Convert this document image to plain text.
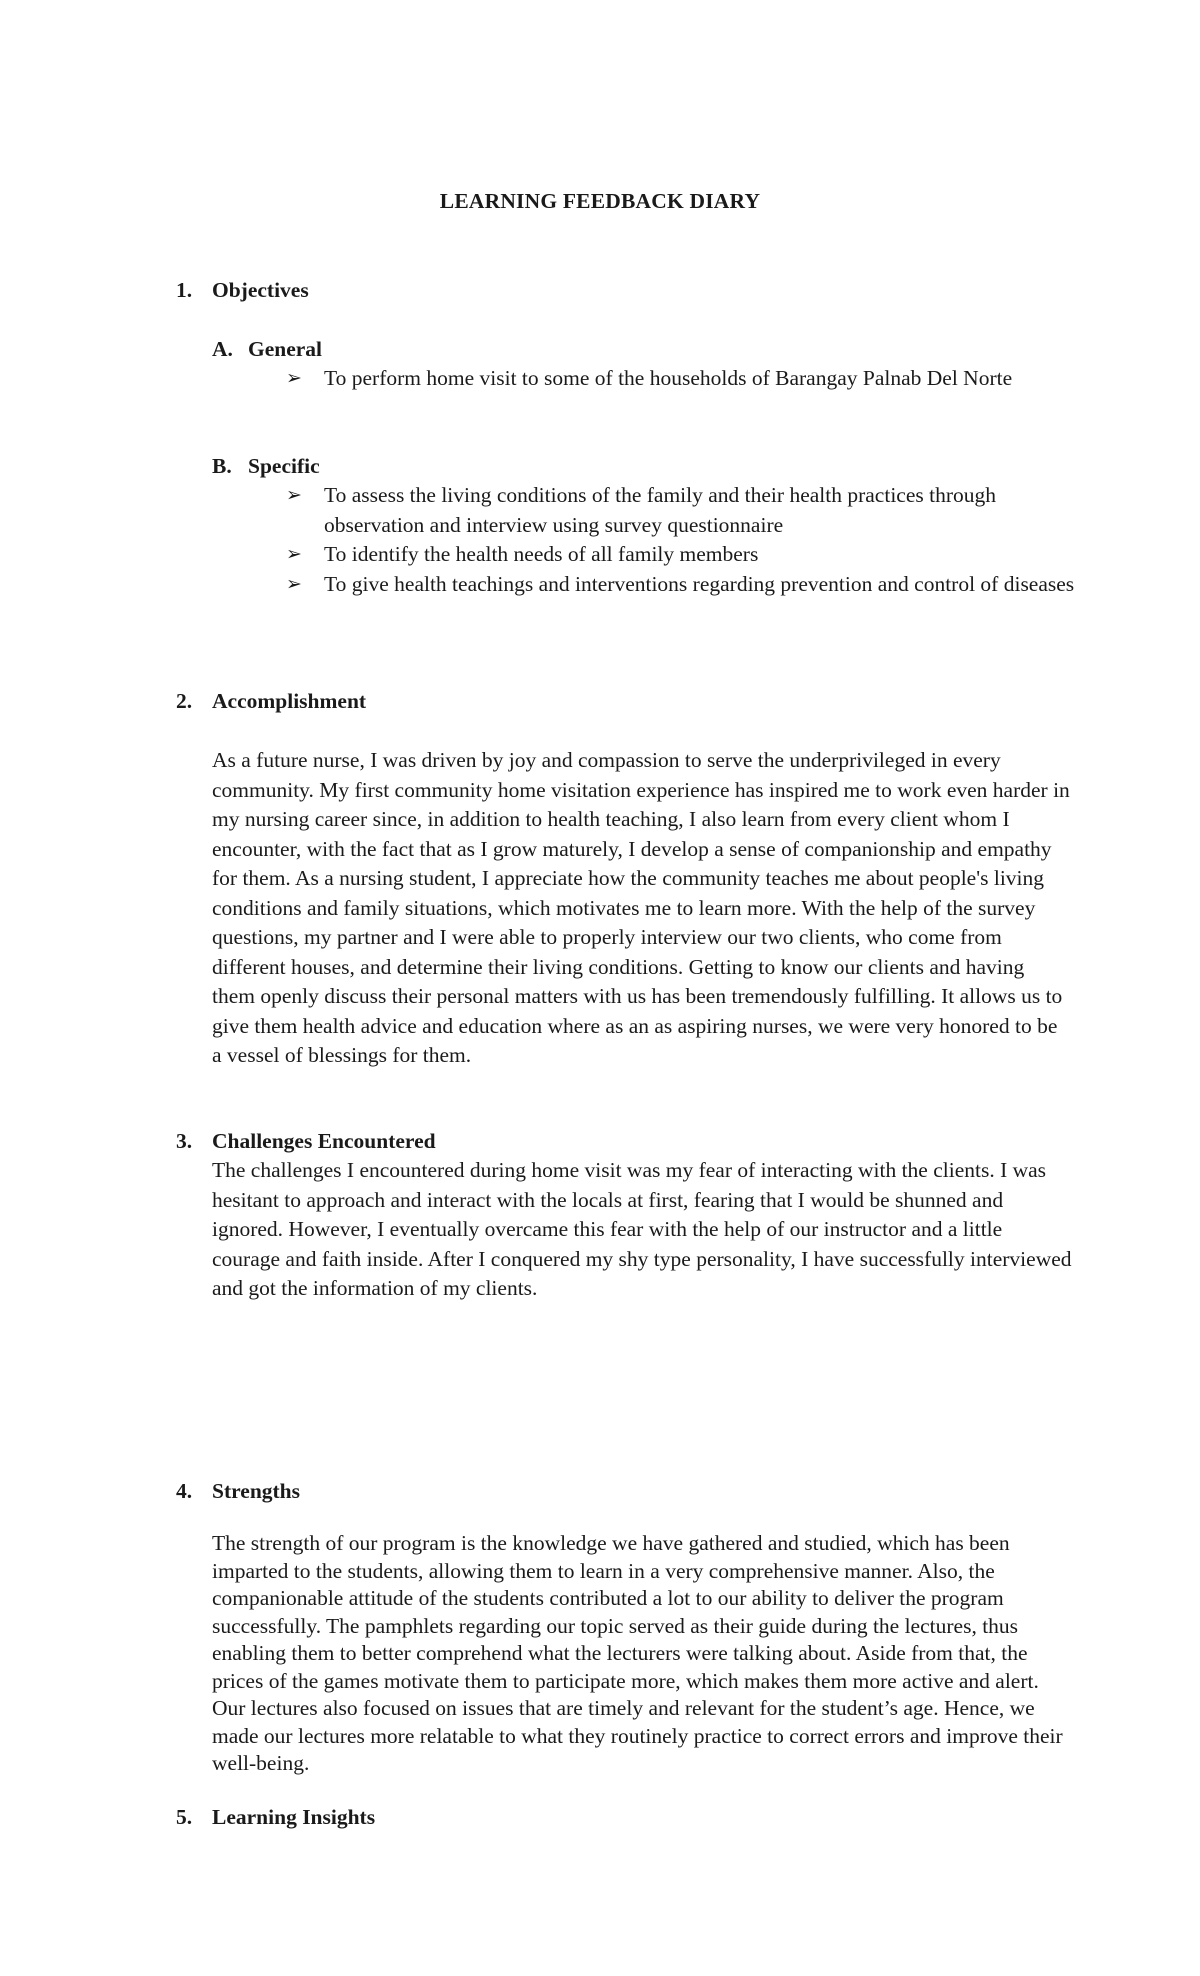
LEARNING FEEDBACK DIARY
1. Objectives
A. General
➢ To perform home visit to some of the households of Barangay Palnab Del Norte
B. Specific
➢ To assess the living conditions of the family and their health practices through observation and interview using survey questionnaire
➢ To identify the health needs of all family members
➢ To give health teachings and interventions regarding prevention and control of diseases
2. Accomplishment

As a future nurse, I was driven by joy and compassion to serve the underprivileged in every community. My first community home visitation experience has inspired me to work even harder in my nursing career since, in addition to health teaching, I also learn from every client whom I encounter, with the fact that as I grow maturely, I develop a sense of companionship and empathy for them. As a nursing student, I appreciate how the community teaches me about people's living conditions and family situations, which motivates me to learn more. With the help of the survey questions, my partner and I were able to properly interview our two clients, who come from different houses, and determine their living conditions. Getting to know our clients and having them openly discuss their personal matters with us has been tremendously fulfilling. It allows us to give them health advice and education where as an as aspiring nurses, we were very honored to be a vessel of blessings for them.

3. Challenges Encountered

The challenges I encountered during home visit was my fear of interacting with the clients. I was hesitant to approach and interact with the locals at first, fearing that I would be shunned and ignored. However, I eventually overcame this fear with the help of our instructor and a little courage and faith inside. After I conquered my shy type personality, I have successfully interviewed and got the information of my clients.

4. Strengths

The strength of our program is the knowledge we have gathered and studied, which has been imparted to the students, allowing them to learn in a very comprehensive manner. Also, the companionable attitude of the students contributed a lot to our ability to deliver the program successfully. The pamphlets regarding our topic served as their guide during the lectures, thus enabling them to better comprehend what the lecturers were talking about. Aside from that, the prices of the games motivate them to participate more, which makes them more active and alert. Our lectures also focused on issues that are timely and relevant for the student’s age. Hence, we made our lectures more relatable to what they routinely practice to correct errors and improve their well-being.

5. Learning Insights
